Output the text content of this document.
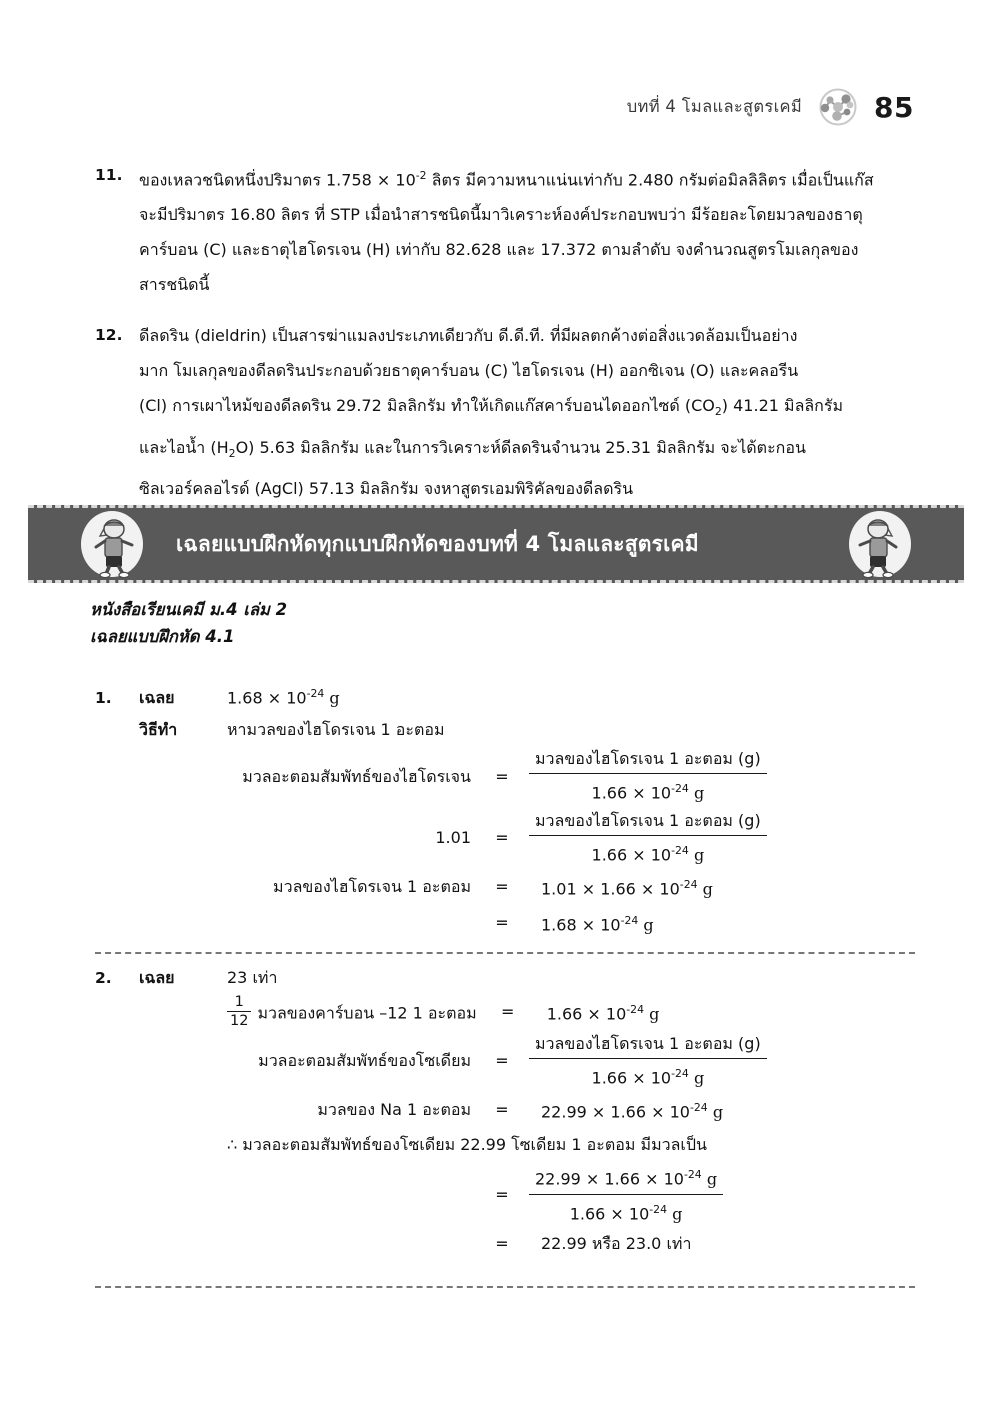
บทที่ 4 โมลและสูตรเคมี	85
11.	ของเหลวชนิดหนึ่งปริมาตร $1.758 \times 10^{-2}$ ลิตร มีความหนาแน่นเท่ากับ 2.480 กรัมต่อมิลลิลิตร เมื่อเป็นแก๊ส
จะมีปริมาตร 16.80 ลิตร ที่ STP เมื่อนำสารชนิดนี้มาวิเคราะห์องค์ประกอบพบว่า มีร้อยละโดยมวลของธาตุ
คาร์บอน (C) และธาตุไฮโดรเจน (H) เท่ากับ 82.628 และ 17.372 ตามลำดับ จงคำนวณสูตรโมเลกุลของ
สารชนิดนี้
12.	ดีลดริน (dieldrin) เป็นสารฆ่าแมลงประเภทเดียวกับ ดี.ดี.ที. ที่มีผลตกค้างต่อสิ่งแวดล้อมเป็นอย่าง
มาก โมเลกุลของดีลดรินประกอบด้วยธาตุคาร์บอน (C) ไฮโดรเจน (H) ออกซิเจน (O) และคลอรีน
(Cl) การเผาไหม้ของดีลดริน 29.72 มิลลิกรัม ทำให้เกิดแก๊สคาร์บอนไดออกไซด์ $(CO_2)$ 41.21 มิลลิกรัม
และไอน้ำ $(H_2O)$ 5.63 มิลลิกรัม และในการวิเคราะห์ดีลดรินจำนวน 25.31 มิลลิกรัม จะได้ตะกอน
ซิลเวอร์คลอไรด์ (AgCl) 57.13 มิลลิกรัม จงหาสูตรเอมพิริคัลของดีลดริน
เฉลยแบบฝึกหัดทุกแบบฝึกหัดของบทที่ 4 โมลและสูตรเคมี
หนังสือเรียนเคมี ม.4 เล่ม 2
เฉลยแบบฝึกหัด 4.1
1.	เฉลย	$1.68 \times 10^{-24}$ g
วิธีทำ	หามวลของไฮโดรเจน 1 อะตอม
มวลอะตอมสัมพัทธ์ของไฮโดรเจน	=	$\frac{\text{มวลของไฮโดรเจน 1 อะตอม (g)}}{1.66 \times 10^{-24} g}$
1.01	=	$\frac{\text{มวลของไฮโดรเจน 1 อะตอม (g)}}{1.66 \times 10^{-24} g}$
มวลของไฮโดรเจน 1 อะตอม	=	$1.01 \times 1.66 \times 10^{-24}$ g
=	$1.68 \times 10^{-24}$ g
2.	เฉลย	23 เท่า
$\frac{1}{12}$ มวลของคาร์บอน –12 1 อะตอม	=	$1.66 \times 10^{-24}$ g
มวลอะตอมสัมพัทธ์ของโซเดียม	=	$\frac{\text{มวลของไฮโดรเจน 1 อะตอม (g)}}{1.66 \times 10^{-24} g}$
มวลของ Na 1 อะตอม	=	$22.99 \times 1.66 \times 10^{-24}$ g
∴ มวลอะตอมสัมพัทธ์ของโซเดียม 22.99 โซเดียม 1 อะตอม มีมวลเป็น
=	$\frac{22.99 \times 1.66 \times 10^{-24} g}{1.66 \times 10^{-24} g}$
=	22.99 หรือ 23.0 เท่า
